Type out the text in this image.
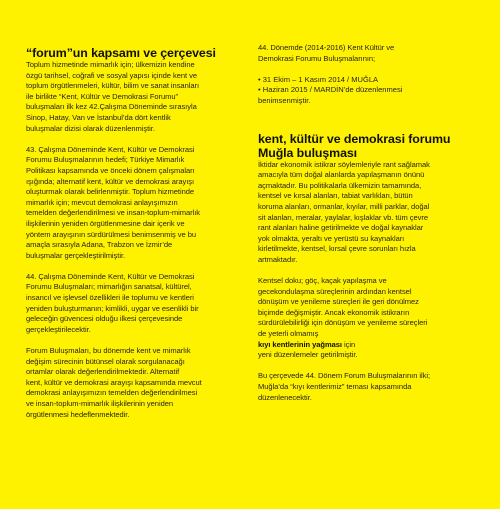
“forum”un kapsamı ve çerçevesi

Toplum hizmetinde mimarlık için; ülkemizin kendine
özgü tarihsel, coğrafi ve sosyal yapısı içinde kent ve
toplum örgütlenmeleri, kültür, bilim ve sanat insanları
ile birlikte “Kent, Kültür ve Demokrasi Forumu”
buluşmaları ilk kez 42.Çalışma Döneminde sırasıyla
Sinop, Hatay, Van ve İstanbul’da dört kentlik
buluşmalar dizisi olarak düzenlenmiştir.

43. Çalışma Döneminde Kent, Kültür ve Demokrasi
Forumu Buluşmalarının hedefi; Türkiye Mimarlık
Politikası kapsamında ve önceki dönem çalışmaları
ışığında; alternatif kent, kültür ve demokrasi arayışı
oluşturmak olarak belirlenmiştir. Toplum hizmetinde
mimarlık için; mevcut demokrasi anlayışımızın
temelden değerlendirilmesi ve insan-toplum-mimarlık
ilişkilerinin yeniden örgütlenmesine dair içerik ve
yöntem arayışının sürdürülmesi benimsenmiş ve bu
amaçla sırasıyla Adana, Trabzon ve İzmir’de
buluşmalar gerçekleştirilmiştir.

44. Çalışma Döneminde Kent, Kültür ve Demokrasi
Forumu Buluşmaları; mimarlığın sanatsal, kültürel,
insancıl ve işlevsel özellikleri ile toplumu ve kentleri
yeniden buluşturmanın; kimlikli, uygar ve esenlikli bir
geleceğin güvencesi olduğu ilkesi çerçevesinde
gerçekleştirilecektir.

Forum Buluşmaları, bu dönemde kent ve mimarlık
değişim sürecinin bütünsel olarak sorgulanacağı
ortamlar olarak değerlendirilmektedir. Alternatif
kent, kültür ve demokrasi arayışı kapsamında mevcut
demokrasi anlayışımızın temelden değerlendirilmesi
ve insan-toplum-mimarlık ilişkilerinin yeniden
örgütlenmesi hedeflenmektedir.

44. Dönemde (2014-2016) Kent Kültür ve
Demokrasi Forumu Buluşmalarının;

• 31 Ekim – 1 Kasım 2014 / MUĞLA
• Haziran 2015 / MARDİN’de düzenlenmesi
benimsenmiştir.
kent, kültür ve demokrasi forumu
Muğla buluşması

İktidar ekonomik istikrar söylemleriyle rant sağlamak
amacıyla tüm doğal alanlarda yapılaşmanın önünü
açmaktadır. Bu politikalarla ülkemizin tamamında,
kentsel ve kırsal alanları, tabiat varlıkları, bütün
koruma alanları, ormanlar, kıyılar, milli parklar, doğal
sit alanları, meralar, yaylalar, kışlaklar vb. tüm çevre
rant alanları haline getirilmekte ve doğal kaynaklar
yok olmakta, yeraltı ve yerüstü su kaynakları
kirletilmekte, kentsel, kırsal çevre sorunları hızla
artmaktadır.

Kentsel doku; göç, kaçak yapılaşma ve
gecekondulaşma süreçlerinin ardından kentsel
dönüşüm ve yenileme süreçleri ile geri dönülmez
biçimde değişmiştir. Ancak ekonomik istikrarın
sürdürülebilirliği için dönüşüm ve yenileme süreçleri
de yeterli olmamış
kıyı kentlerinin yağması için
yeni düzenlemeler getirilmiştir.

Bu çerçevede 44. Dönem Forum Buluşmalarının ilki;
Muğla’da “kıyı kentlerimiz” teması kapsamında
düzenlenecektir.
